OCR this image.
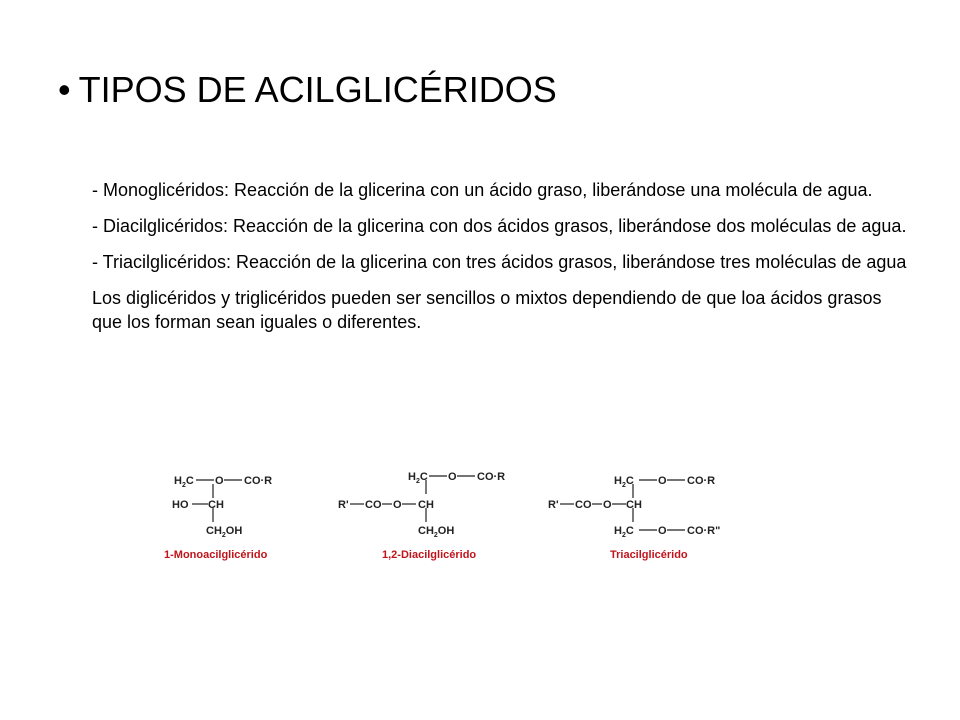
• TIPOS DE ACILGLICÉRIDOS

- Monoglicéridos: Reacción de la glicerina con un ácido graso, liberándose una molécula de agua.

- Diacilglicéridos: Reacción de la glicerina con dos ácidos grasos, liberándose dos moléculas de agua.

- Triacilglicéridos: Reacción de la glicerina con tres ácidos grasos, liberándose tres moléculas de agua

Los diglicéridos y triglicéridos pueden ser sencillos o mixtos dependiendo de que loa ácidos grasos que los forman sean iguales o diferentes.

$H_2C$ O CO·R
HO CH
$CH_2OH$
1-Monoacilglicérido
$H_2C$ O CO·R
R' CO O CH
$CH_2OH$
1,2-Diacilglicérido
$H_2C$ O CO·R
R' CO O CH
$H_2C$ O CO·R"
Triacilglicérido
